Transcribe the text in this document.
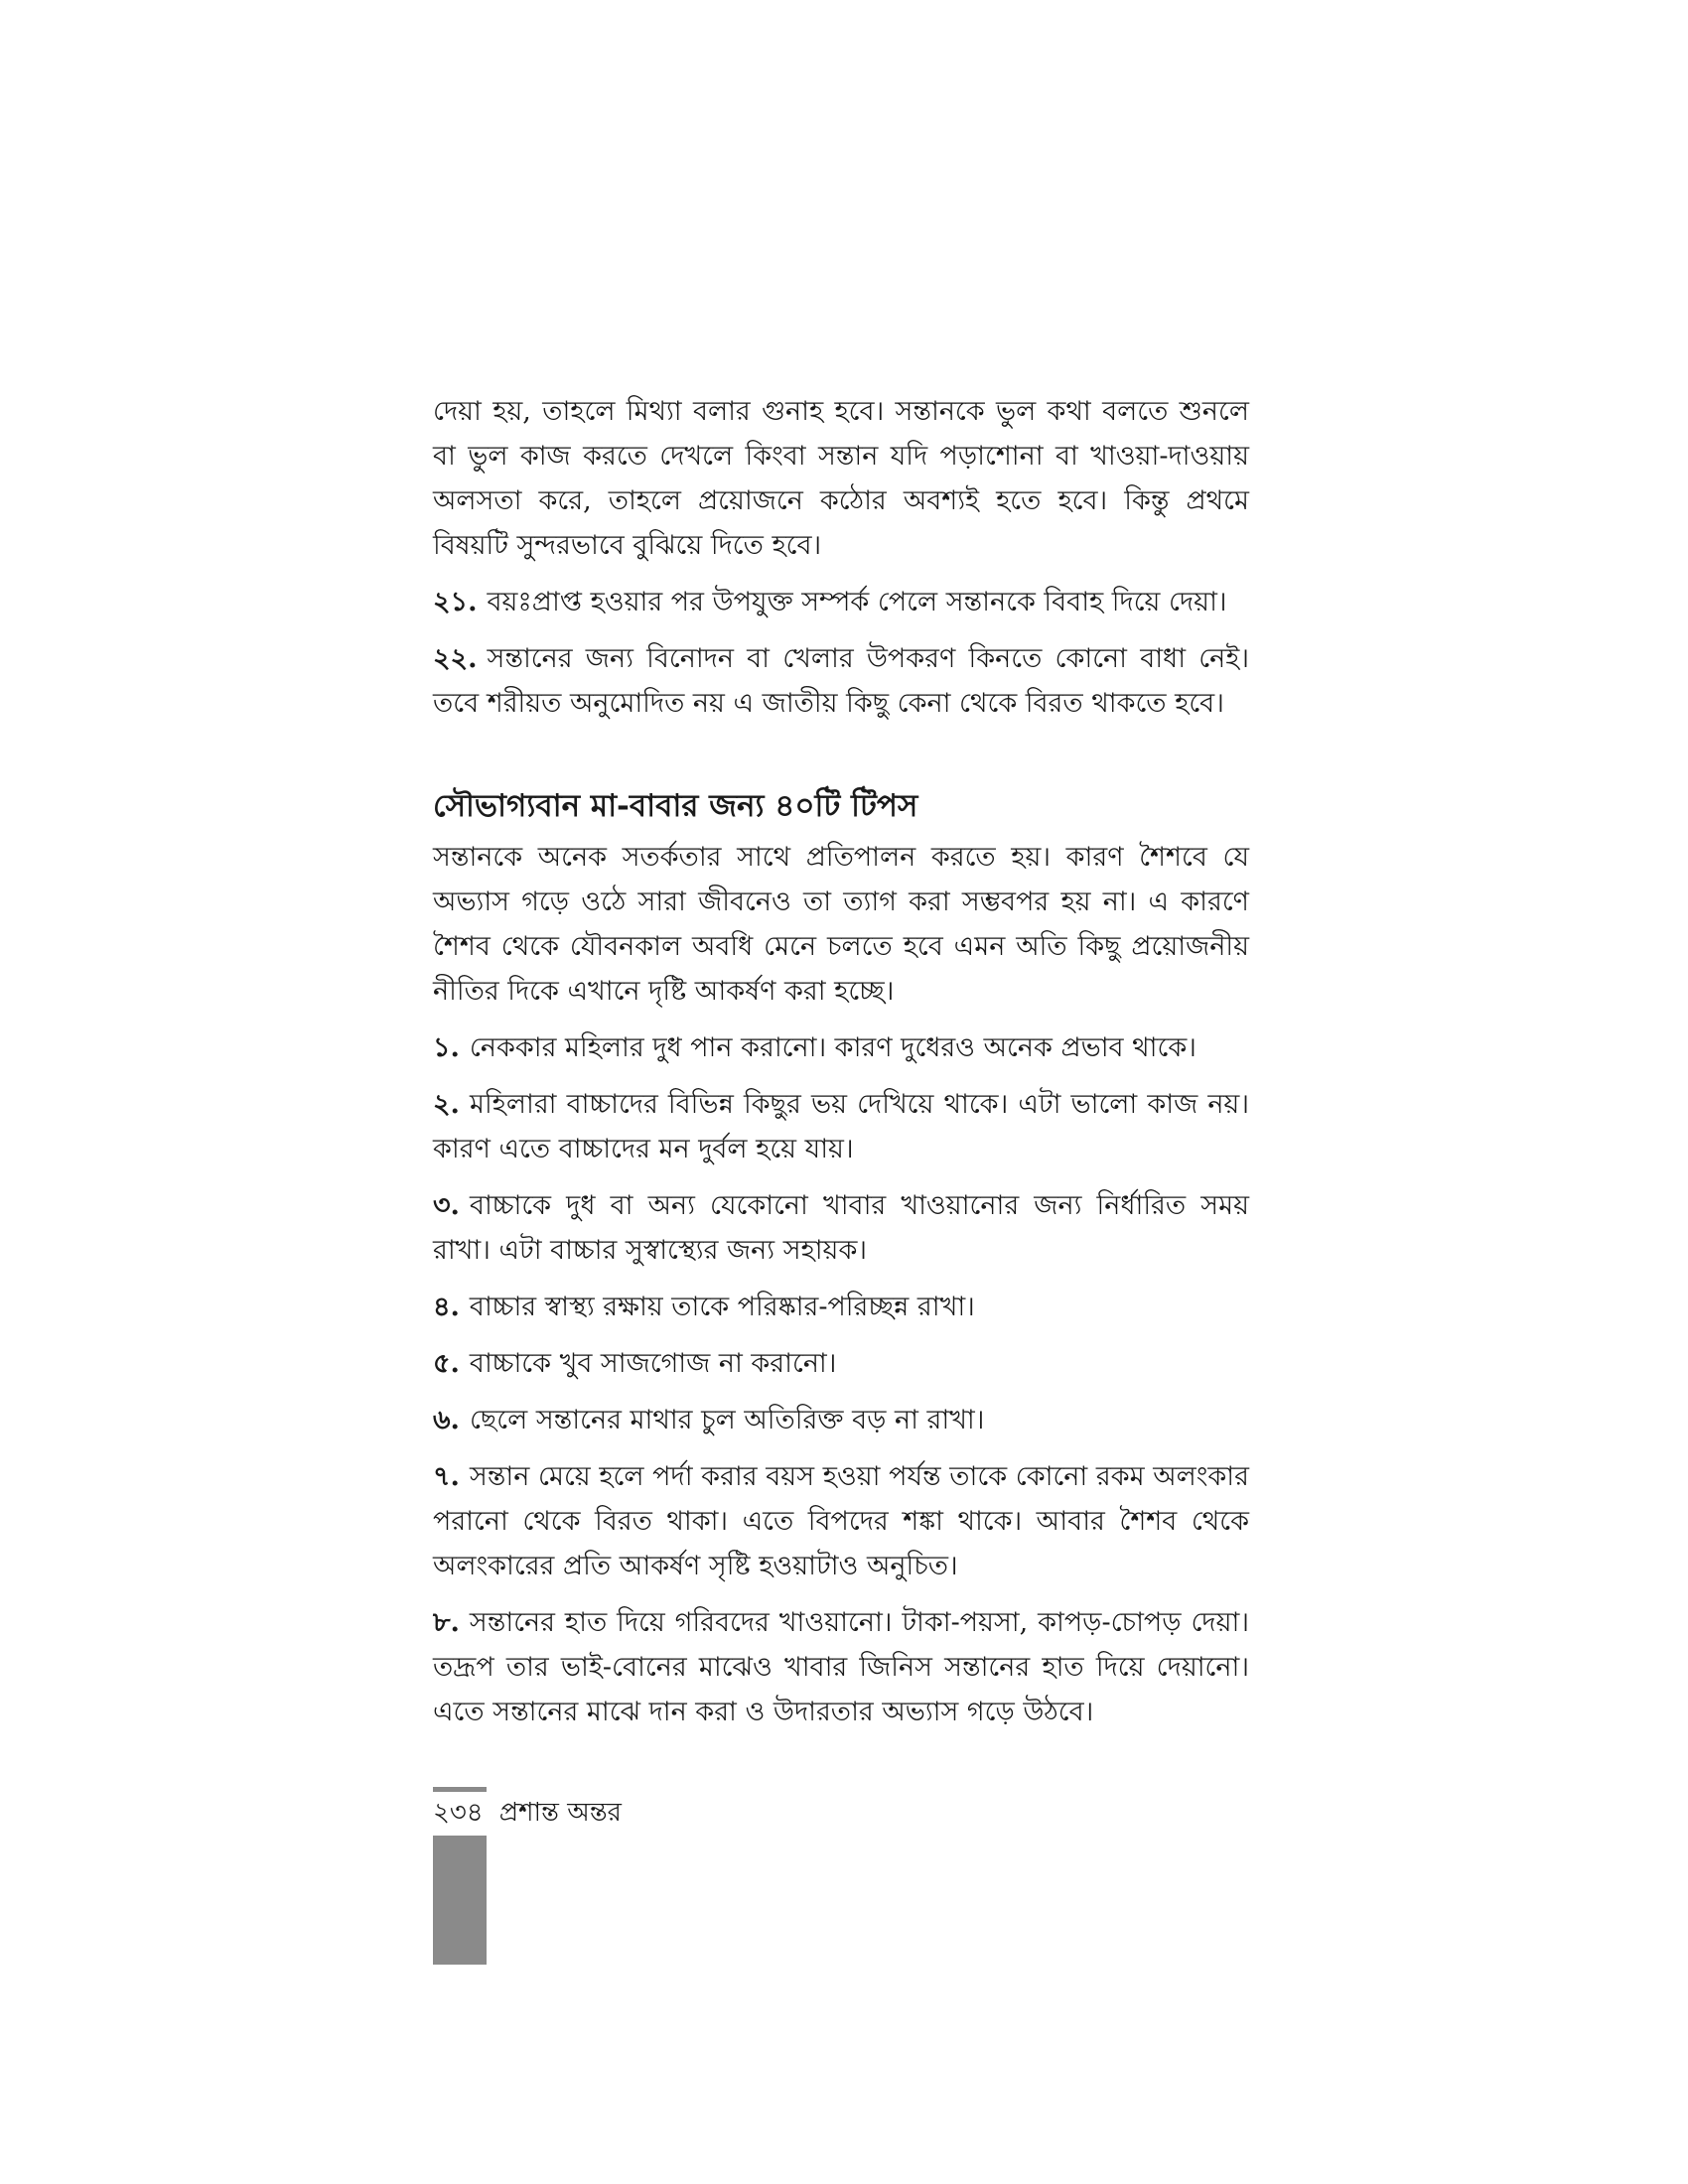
দেয়া হয়, তাহলে মিথ্যা বলার গুনাহ হবে। সন্তানকে ভুল কথা বলতে শুনলে বা ভুল কাজ করতে দেখলে কিংবা সন্তান যদি পড়াশোনা বা খাওয়া-দাওয়ায় অলসতা করে, তাহলে প্রয়োজনে কঠোর অবশ্যই হতে হবে। কিন্তু প্রথমে বিষয়টি সুন্দরভাবে বুঝিয়ে দিতে হবে।

২১. বয়ঃপ্রাপ্ত হওয়ার পর উপযুক্ত সম্পর্ক পেলে সন্তানকে বিবাহ দিয়ে দেয়া।

২২. সন্তানের জন্য বিনোদন বা খেলার উপকরণ কিনতে কোনো বাধা নেই। তবে শরীয়ত অনুমোদিত নয় এ জাতীয় কিছু কেনা থেকে বিরত থাকতে হবে।

সৌভাগ্যবান মা-বাবার জন্য ৪০টি টিপস

সন্তানকে অনেক সতর্কতার সাথে প্রতিপালন করতে হয়। কারণ শৈশবে যে অভ্যাস গড়ে ওঠে সারা জীবনেও তা ত্যাগ করা সম্ভবপর হয় না। এ কারণে শৈশব থেকে যৌবনকাল অবধি মেনে চলতে হবে এমন অতি কিছু প্রয়োজনীয় নীতির দিকে এখানে দৃষ্টি আকর্ষণ করা হচ্ছে।

১. নেককার মহিলার দুধ পান করানো। কারণ দুধেরও অনেক প্রভাব থাকে।

২. মহিলারা বাচ্চাদের বিভিন্ন কিছুর ভয় দেখিয়ে থাকে। এটা ভালো কাজ নয়। কারণ এতে বাচ্চাদের মন দুর্বল হয়ে যায়।

৩. বাচ্চাকে দুধ বা অন্য যেকোনো খাবার খাওয়ানোর জন্য নির্ধারিত সময় রাখা। এটা বাচ্চার সুস্বাস্থ্যের জন্য সহায়ক।

৪. বাচ্চার স্বাস্থ্য রক্ষায় তাকে পরিষ্কার-পরিচ্ছন্ন রাখা।

৫. বাচ্চাকে খুব সাজগোজ না করানো।

৬. ছেলে সন্তানের মাথার চুল অতিরিক্ত বড় না রাখা।

৭. সন্তান মেয়ে হলে পর্দা করার বয়স হওয়া পর্যন্ত তাকে কোনো রকম অলংকার পরানো থেকে বিরত থাকা। এতে বিপদের শঙ্কা থাকে। আবার শৈশব থেকে অলংকারের প্রতি আকর্ষণ সৃষ্টি হওয়াটাও অনুচিত।

৮. সন্তানের হাত দিয়ে গরিবদের খাওয়ানো। টাকা-পয়সা, কাপড়-চোপড় দেয়া। তদ্রূপ তার ভাই-বোনের মাঝেও খাবার জিনিস সন্তানের হাত দিয়ে দেয়ানো। এতে সন্তানের মাঝে দান করা ও উদারতার অভ্যাস গড়ে উঠবে।

২৩৪ প্রশান্ত অন্তর
